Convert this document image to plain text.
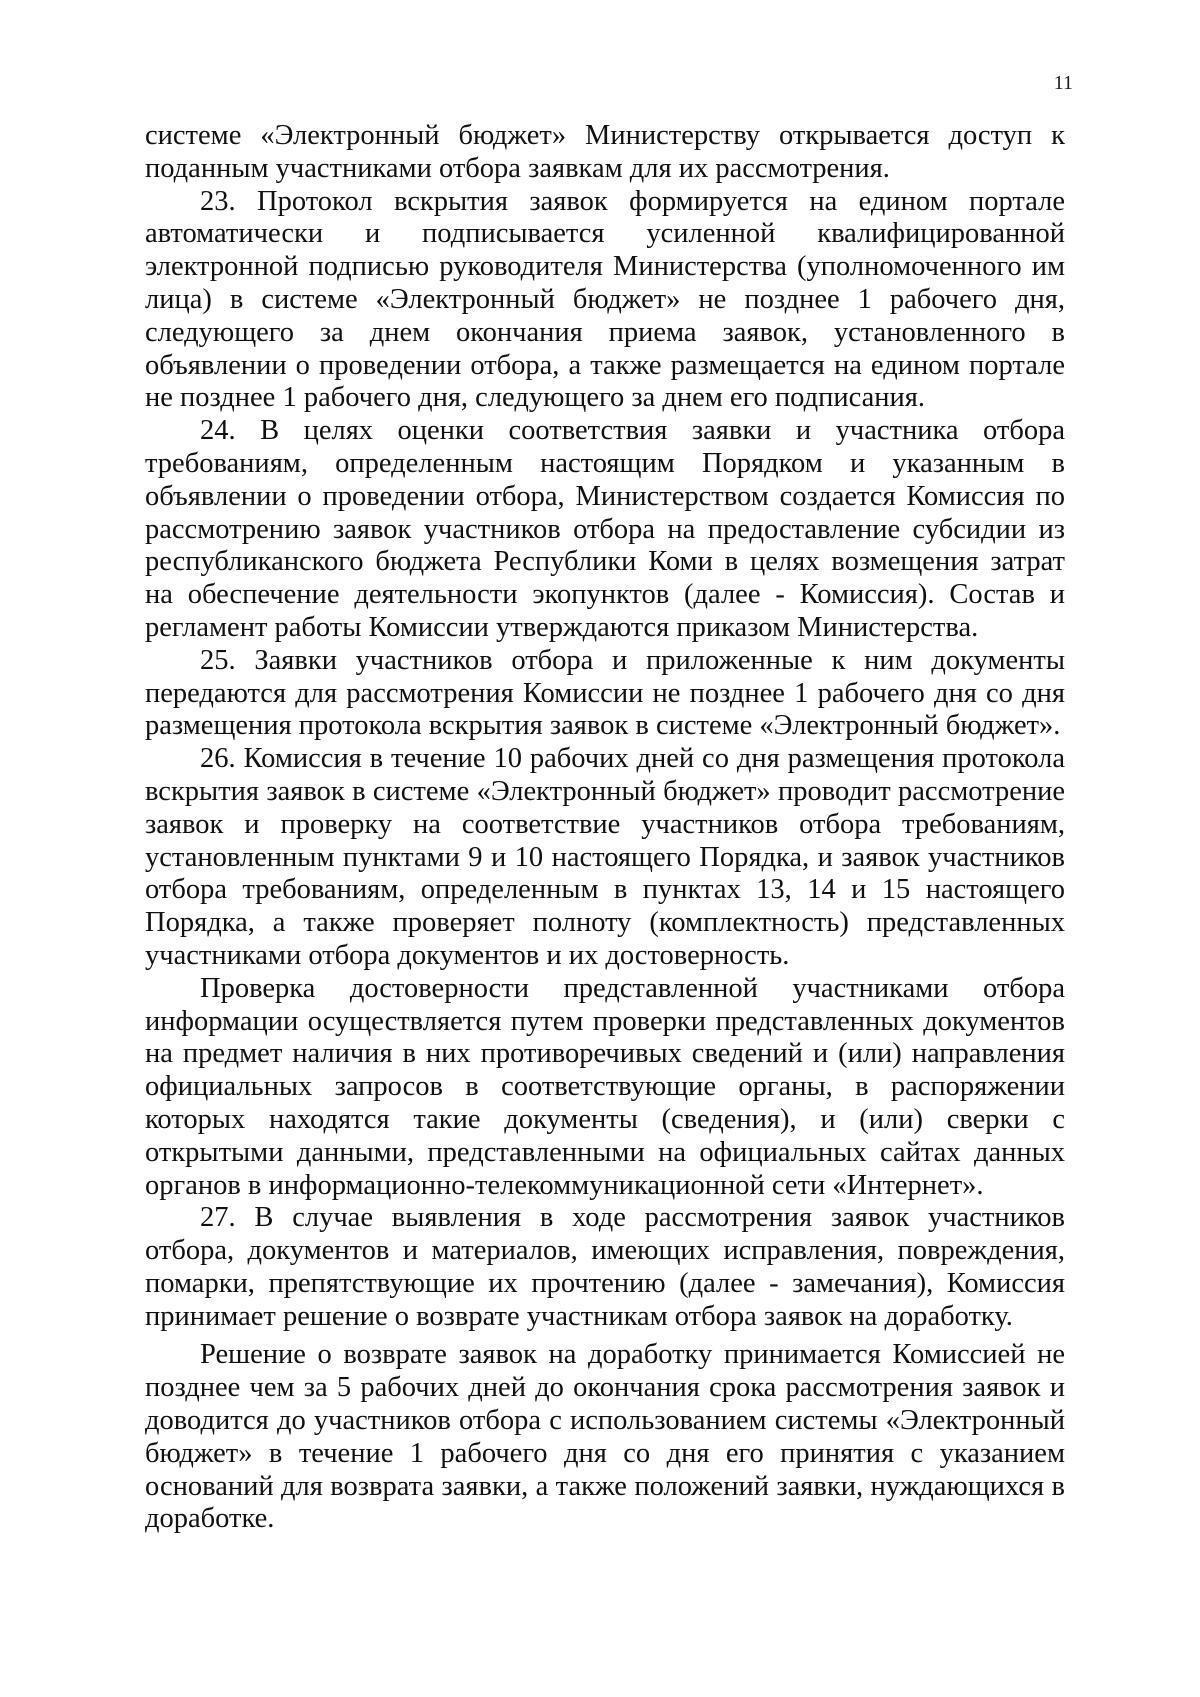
11

системе «Электронный бюджет» Министерству открывается доступ к поданным участниками отбора заявкам для их рассмотрения.

23. Протокол вскрытия заявок формируется на едином портале автоматически и подписывается усиленной квалифицированной электронной подписью руководителя Министерства (уполномоченного им лица) в системе «Электронный бюджет» не позднее 1 рабочего дня, следующего за днем окончания приема заявок, установленного в объявлении о проведении отбора, а также размещается на едином портале не позднее 1 рабочего дня, следующего за днем его подписания.

24. В целях оценки соответствия заявки и участника отбора требованиям, определенным настоящим Порядком и указанным в объявлении о проведении отбора, Министерством создается Комиссия по рассмотрению заявок участников отбора на предоставление субсидии из республиканского бюджета Республики Коми в целях возмещения затрат на обеспечение деятельности экопунктов (далее - Комиссия). Состав и регламент работы Комиссии утверждаются приказом Министерства.

25. Заявки участников отбора и приложенные к ним документы передаются для рассмотрения Комиссии не позднее 1 рабочего дня со дня размещения протокола вскрытия заявок в системе «Электронный бюджет».

26. Комиссия в течение 10 рабочих дней со дня размещения протокола вскрытия заявок в системе «Электронный бюджет» проводит рассмотрение заявок и проверку на соответствие участников отбора требованиям, установленным пунктами 9 и 10 настоящего Порядка, и заявок участников отбора требованиям, определенным в пунктах 13, 14 и 15 настоящего Порядка, а также проверяет полноту (комплектность) представленных участниками отбора документов и их достоверность.

Проверка достоверности представленной участниками отбора информации осуществляется путем проверки представленных документов на предмет наличия в них противоречивых сведений и (или) направления официальных запросов в соответствующие органы, в распоряжении которых находятся такие документы (сведения), и (или) сверки с открытыми данными, представленными на официальных сайтах данных органов в информационно-телекоммуникационной сети «Интернет».

27. В случае выявления в ходе рассмотрения заявок участников отбора, документов и материалов, имеющих исправления, повреждения, помарки, препятствующие их прочтению (далее - замечания), Комиссия принимает решение о возврате участникам отбора заявок на доработку.

Решение о возврате заявок на доработку принимается Комиссией не позднее чем за 5 рабочих дней до окончания срока рассмотрения заявок и доводится до участников отбора с использованием системы «Электронный бюджет» в течение 1 рабочего дня со дня его принятия с указанием оснований для возврата заявки, а также положений заявки, нуждающихся в доработке.
